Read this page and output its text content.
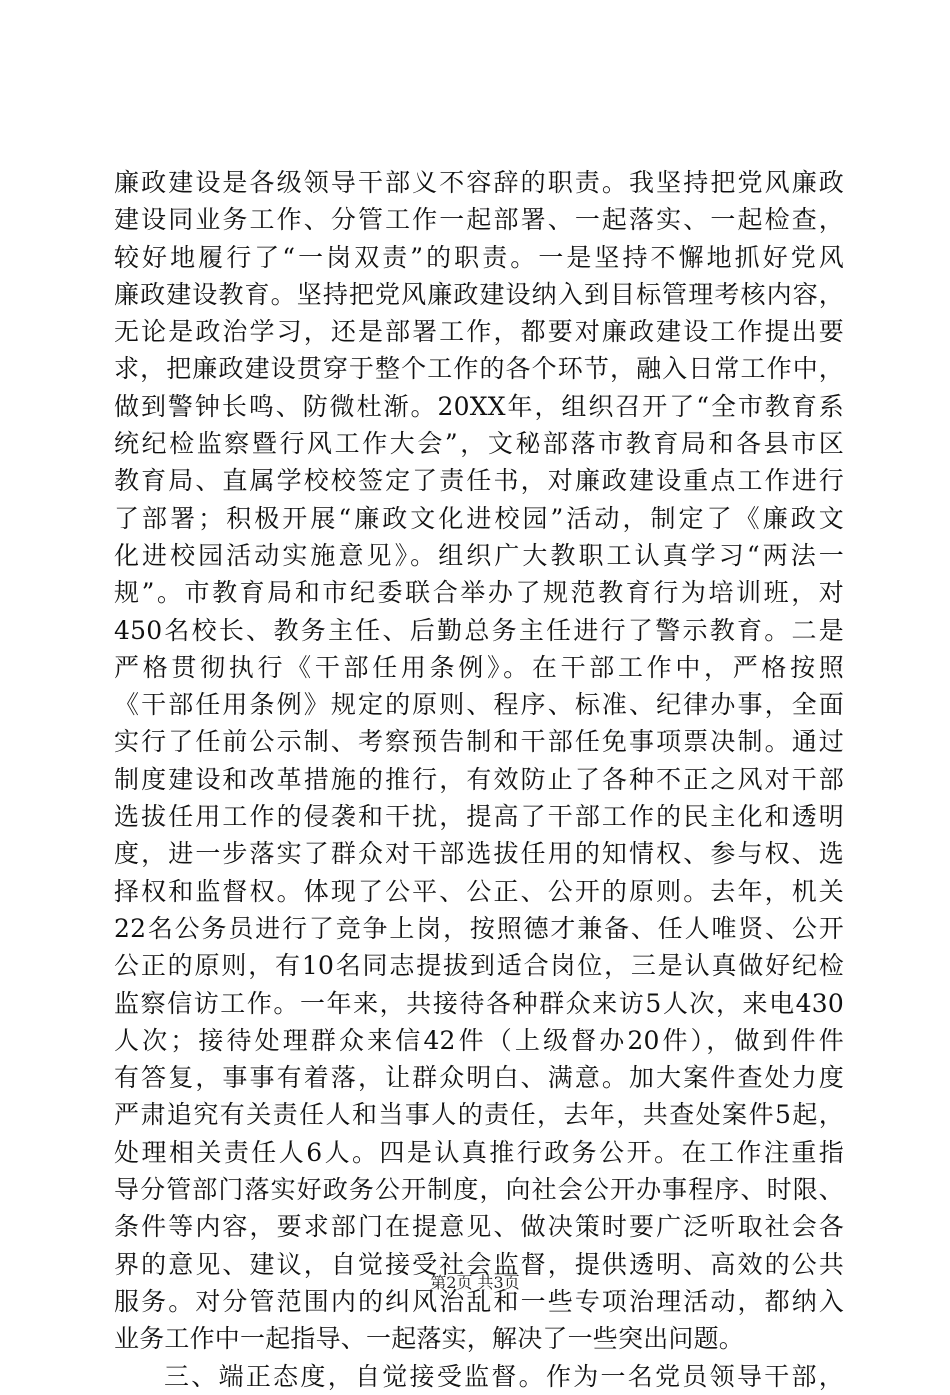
廉政建设是各级领导干部义不容辞的职责。我坚持把党风廉政
建设同业务工作、分管工作一起部署、一起落实、一起检查，
较好地履行了“一岗双责”的职责。一是坚持不懈地抓好党风
廉政建设教育。坚持把党风廉政建设纳入到目标管理考核内容，
无论是政治学习，还是部署工作，都要对廉政建设工作提出要
求，把廉政建设贯穿于整个工作的各个环节，融入日常工作中，
做到警钟长鸣、防微杜渐。20XX年，组织召开了“全市教育系
统纪检监察暨行风工作大会”，文秘部落市教育局和各县市区
教育局、直属学校校签定了责任书，对廉政建设重点工作进行
了部署；积极开展“廉政文化进校园”活动，制定了《廉政文
化进校园活动实施意见》。组织广大教职工认真学习“两法一
规”。市教育局和市纪委联合举办了规范教育行为培训班，对
450名校长、教务主任、后勤总务主任进行了警示教育。二是
严格贯彻执行《干部任用条例》。在干部工作中，严格按照
《干部任用条例》规定的原则、程序、标准、纪律办事，全面
实行了任前公示制、考察预告制和干部任免事项票决制。通过
制度建设和改革措施的推行，有效防止了各种不正之风对干部
选拔任用工作的侵袭和干扰，提高了干部工作的民主化和透明
度，进一步落实了群众对干部选拔任用的知情权、参与权、选
择权和监督权。体现了公平、公正、公开的原则。去年，机关
22名公务员进行了竞争上岗，按照德才兼备、任人唯贤、公开
公正的原则，有10名同志提拔到适合岗位，三是认真做好纪检
监察信访工作。一年来，共接待各种群众来访5人次，来电430
人次；接待处理群众来信42件（上级督办20件），做到件件
有答复，事事有着落，让群众明白、满意。加大案件查处力度
严肃追究有关责任人和当事人的责任，去年，共查处案件5起，
处理相关责任人6人。四是认真推行政务公开。在工作注重指
导分管部门落实好政务公开制度，向社会公开办事程序、时限、
条件等内容，要求部门在提意见、做决策时要广泛听取社会各
界的意见、建议，自觉接受社会监督，提供透明、高效的公共
服务。对分管范围内的纠风治乱和一些专项治理活动，都纳入
业务工作中一起指导、一起落实，解决了一些突出问题。
三、端正态度，自觉接受监督。作为一名党员领导干部，
第2页 共3页
